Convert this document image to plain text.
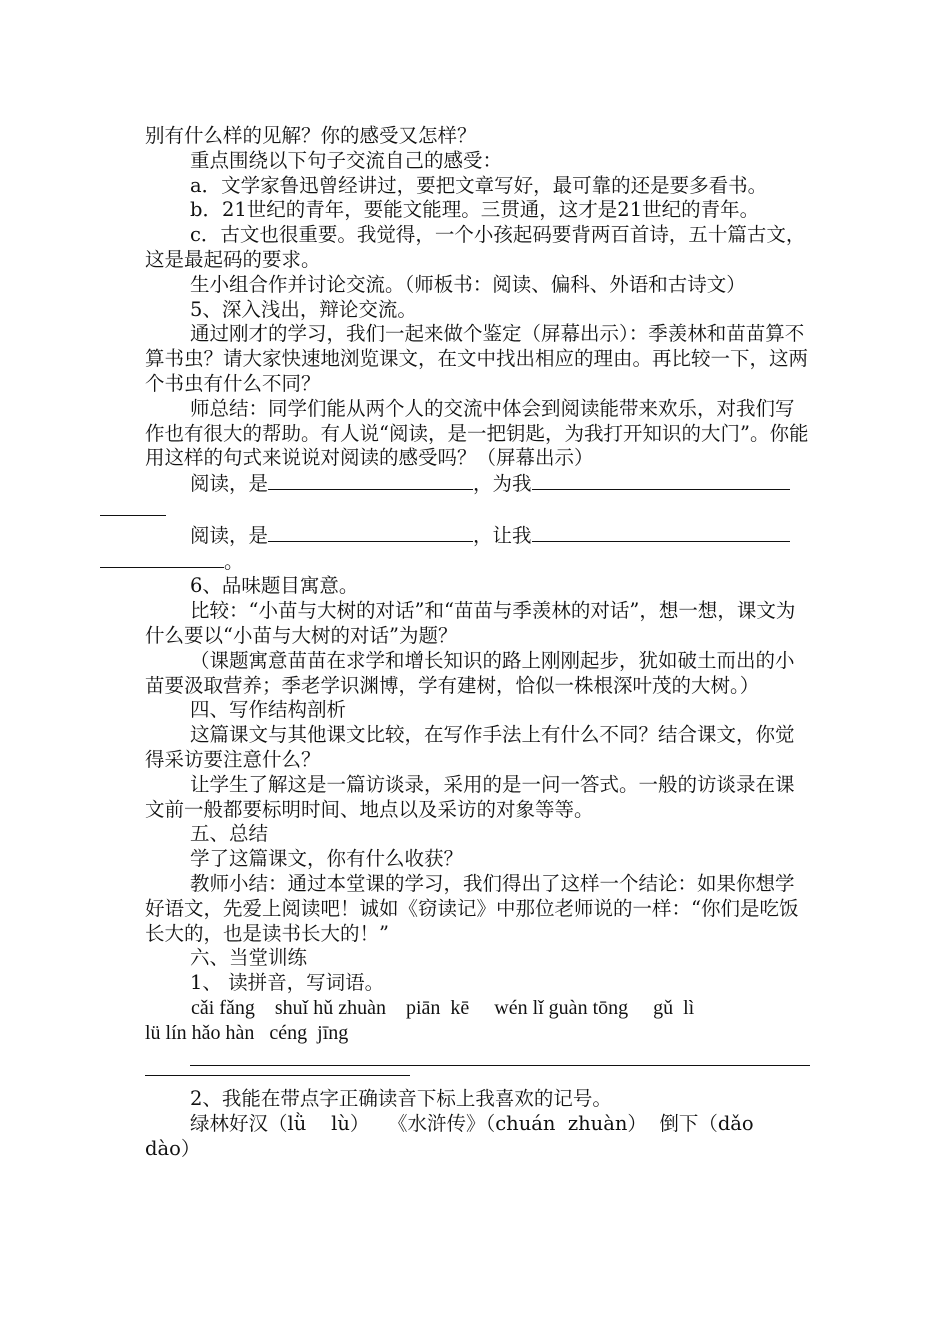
别有什么样的见解？你的感受又怎样？

重点围绕以下句子交流自己的感受：

a．文学家鲁迅曾经讲过，要把文章写好，最可靠的还是要多看书。

b．21世纪的青年，要能文能理。三贯通，这才是21世纪的青年。

c．古文也很重要。我觉得，一个小孩起码要背两百首诗，五十篇古文，这是最起码的要求。

生小组合作并讨论交流。（师板书：阅读、偏科、外语和古诗文）

5、深入浅出，辩论交流。

通过刚才的学习，我们一起来做个鉴定（屏幕出示）：季羡林和苗苗算不算书虫？请大家快速地浏览课文，在文中找出相应的理由。再比较一下，这两个书虫有什么不同？

师总结：同学们能从两个人的交流中体会到阅读能带来欢乐，对我们写作也有很大的帮助。有人说“阅读，是一把钥匙，为我打开知识的大门”。你能用这样的句式来说说对阅读的感受吗？（屏幕出示）

阅读，是	，为我

阅读，是	，让我
。

6、品味题目寓意。

比较：“小苗与大树的对话”和“苗苗与季羡林的对话”，想一想，课文为什么要以“小苗与大树的对话”为题？

（课题寓意苗苗在求学和增长知识的路上刚刚起步，犹如破土而出的小苗要汲取营养；季老学识渊博，学有建树，恰似一株根深叶茂的大树。）

四、写作结构剖析

这篇课文与其他课文比较，在写作手法上有什么不同？结合课文，你觉得采访要注意什么？

让学生了解这是一篇访谈录，采用的是一问一答式。一般的访谈录在课文前一般都要标明时间、地点以及采访的对象等等。

五、总结

学了这篇课文，你有什么收获？

教师小结：通过本堂课的学习，我们得出了这样一个结论：如果你想学好语文，先爱上阅读吧！诚如《窃读记》中那位老师说的一样：“你们是吃饭长大的，也是读书长大的！”

六、当堂训练

1、 读拼音，写词语。

cǎi fǎng    shuǐ hǔ zhuàn    piān  kē     wén lǐ guàn tōng     gǔ  lì

lü lín hǎo hàn   céng  jīng

2、我能在带点字正确读音下标上我喜欢的记号。

绿林好汉（lǜ    lù）   《水浒传》（chuán  zhuàn）  倒下（dǎo  dào）
